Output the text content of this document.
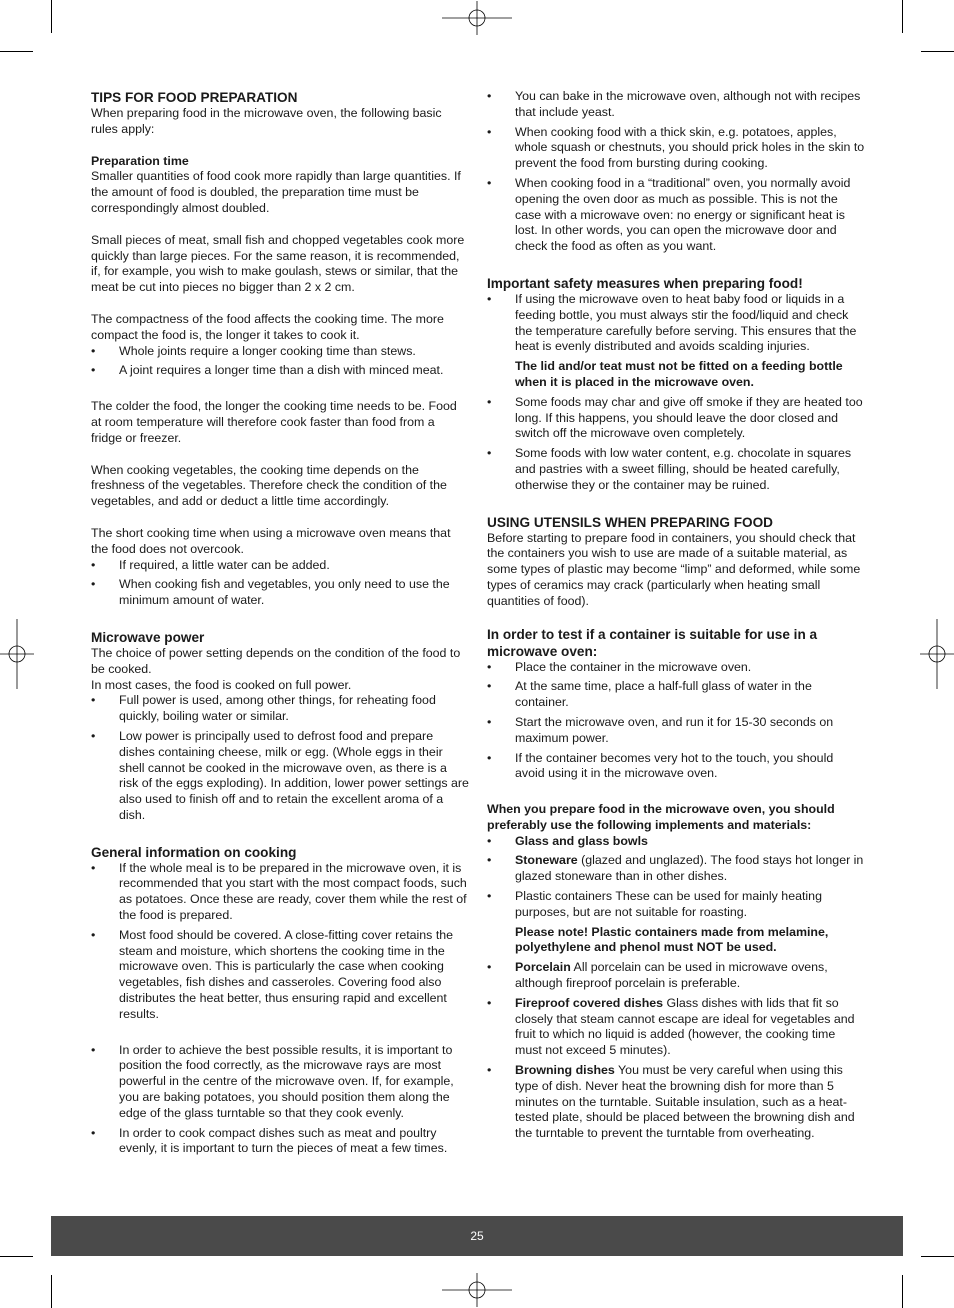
TIPS FOR FOOD PREPARATION

When preparing food in the microwave oven, the following basic rules apply:

Preparation time

Smaller quantities of food cook more rapidly than large quantities. If the amount of food is doubled, the preparation time must be correspondingly almost doubled.

Small pieces of meat, small fish and chopped vegetables cook more quickly than large pieces. For the same reason, it is recommended, if, for example, you wish to make goulash, stews or similar, that the meat be cut into pieces no bigger than 2 x 2 cm.

The compactness of the food affects the cooking time. The more compact the food is, the longer it takes to cook it.

• Whole joints require a longer cooking time than stews.
• A joint requires a longer time than a dish with minced meat.

The colder the food, the longer the cooking time needs to be. Food at room temperature will therefore cook faster than food from a fridge or freezer.

When cooking vegetables, the cooking time depends on the freshness of the vegetables. Therefore check the condition of the vegetables, and add or deduct a little time accordingly.

The short cooking time when using a microwave oven means that the food does not overcook.

• If required, a little water can be added.
• When cooking fish and vegetables, you only need to use the minimum amount of water.

Microwave power

The choice of power setting depends on the condition of the food to be cooked.

In most cases, the food is cooked on full power.

• Full power is used, among other things, for reheating food quickly, boiling water or similar.
• Low power is principally used to defrost food and prepare dishes containing cheese, milk or egg. (Whole eggs in their shell cannot be cooked in the microwave oven, as there is a risk of the eggs exploding). In addition, lower power settings are also used to finish off and to retain the excellent aroma of a dish.

General information on cooking

• If the whole meal is to be prepared in the microwave oven, it is recommended that you start with the most compact foods, such as potatoes. Once these are ready, cover them while the rest of the food is prepared.
• Most food should be covered. A close-fitting cover retains the steam and moisture, which shortens the cooking time in the microwave oven. This is particularly the case when cooking vegetables, fish dishes and casseroles. Covering food also distributes the heat better, thus ensuring rapid and excellent results.
• In order to achieve the best possible results, it is important to position the food correctly, as the microwave rays are most powerful in the centre of the microwave oven. If, for example, you are baking potatoes, you should position them along the edge of the glass turntable so that they cook evenly.
• In order to cook compact dishes such as meat and poultry evenly, it is important to turn the pieces of meat a few times.
• You can bake in the microwave oven, although not with recipes that include yeast.
• When cooking food with a thick skin, e.g. potatoes, apples, whole squash or chestnuts, you should prick holes in the skin to prevent the food from bursting during cooking.
• When cooking food in a “traditional” oven, you normally avoid opening the oven door as much as possible. This is not the case with a microwave oven: no energy or significant heat is lost. In other words, you can open the microwave door and check the food as often as you want.

Important safety measures when preparing food!

• If using the microwave oven to heat baby food or liquids in a feeding bottle, you must always stir the food/liquid and check the temperature carefully before serving. This ensures that the heat is evenly distributed and avoids scalding injuries.

The lid and/or teat must not be fitted on a feeding bottle when it is placed in the microwave oven.

• Some foods may char and give off smoke if they are heated too long. If this happens, you should leave the door closed and switch off the microwave oven completely.
• Some foods with low water content, e.g. chocolate in squares and pastries with a sweet filling, should be heated carefully, otherwise they or the container may be ruined.

USING UTENSILS WHEN PREPARING FOOD

Before starting to prepare food in containers, you should check that the containers you wish to use are made of a suitable material, as some types of plastic may become “limp” and deformed, while some types of ceramics may crack (particularly when heating small quantities of food).

In order to test if a container is suitable for use in a microwave oven:

• Place the container in the microwave oven.
• At the same time, place a half-full glass of water in the container.
• Start the microwave oven, and run it for 15-30 seconds on maximum power.
• If the container becomes very hot to the touch, you should avoid using it in the microwave oven.

When you prepare food in the microwave oven, you should preferably use the following implements and materials:

• Glass and glass bowls
• Stoneware (glazed and unglazed). The food stays hot longer in glazed stoneware than in other dishes.
• Plastic containers These can be used for mainly heating purposes, but are not suitable for roasting.

Please note! Plastic containers made from melamine, polyethylene and phenol must NOT be used.

• Porcelain All porcelain can be used in microwave ovens, although fireproof porcelain is preferable.
• Fireproof covered dishes Glass dishes with lids that fit so closely that steam cannot escape are ideal for vegetables and fruit to which no liquid is added (however, the cooking time must not exceed 5 minutes).
• Browning dishes You must be very careful when using this type of dish. Never heat the browning dish for more than 5 minutes on the turntable. Suitable insulation, such as a heat-tested plate, should be placed between the browning dish and the turntable to prevent the turntable from overheating.
25
